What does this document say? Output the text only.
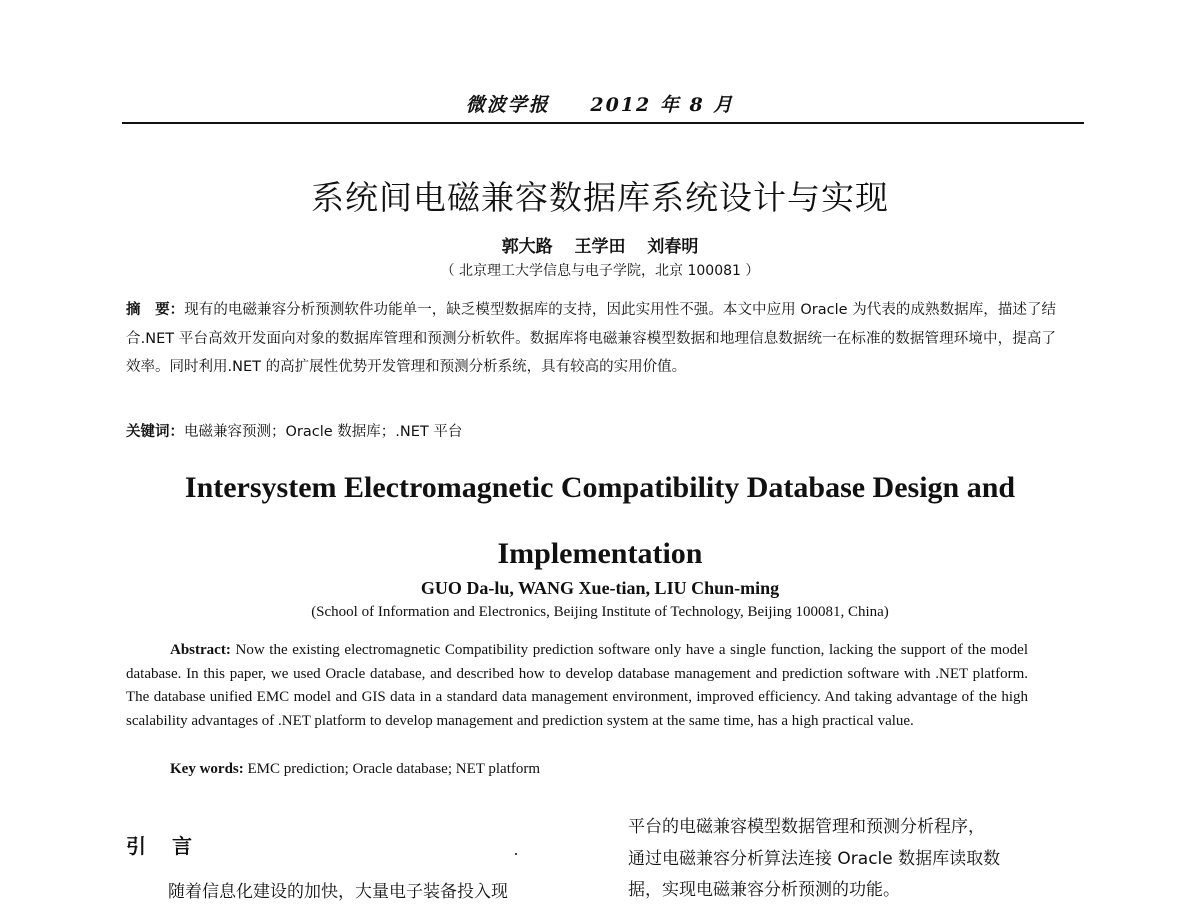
微波学报 2012 年 8 月
系统间电磁兼容数据库系统设计与实现
郭大路 王学田 刘春明
（ 北京理工大学信息与电子学院，北京 100081 ）
摘　要：现有的电磁兼容分析预测软件功能单一，缺乏模型数据库的支持，因此实用性不强。本文中应用 Oracle 为代表的成熟数据库，描述了结合.NET 平台高效开发面向对象的数据库管理和预测分析软件。数据库将电磁兼容模型数据和地理信息数据统一在标准的数据管理环境中，提高了效率。同时利用.NET 的高扩展性优势开发管理和预测分析系统，具有较高的实用价值。
关键词：电磁兼容预测；Oracle 数据库；.NET 平台
Intersystem Electromagnetic Compatibility Database Design and Implementation
GUO Da-lu, WANG Xue-tian, LIU Chun-ming
(School of Information and Electronics, Beijing Institute of Technology, Beijing 100081, China)
Abstract: Now the existing electromagnetic Compatibility prediction software only have a single function, lacking the support of the model database. In this paper, we used Oracle database, and described how to develop database management and prediction software with .NET platform. The database unified EMC model and GIS data in a standard data management environment, improved efficiency. And taking advantage of the high scalability advantages of .NET platform to develop management and prediction system at the same time, has a high practical value.
Key words: EMC prediction; Oracle database; NET platform
引言
随着信息化建设的加快，大量电子装备投入现
平台的电磁兼容模型数据管理和预测分析程序，
通过电磁兼容分析算法连接 Oracle 数据库读取数
据，实现电磁兼容分析预测的功能。
